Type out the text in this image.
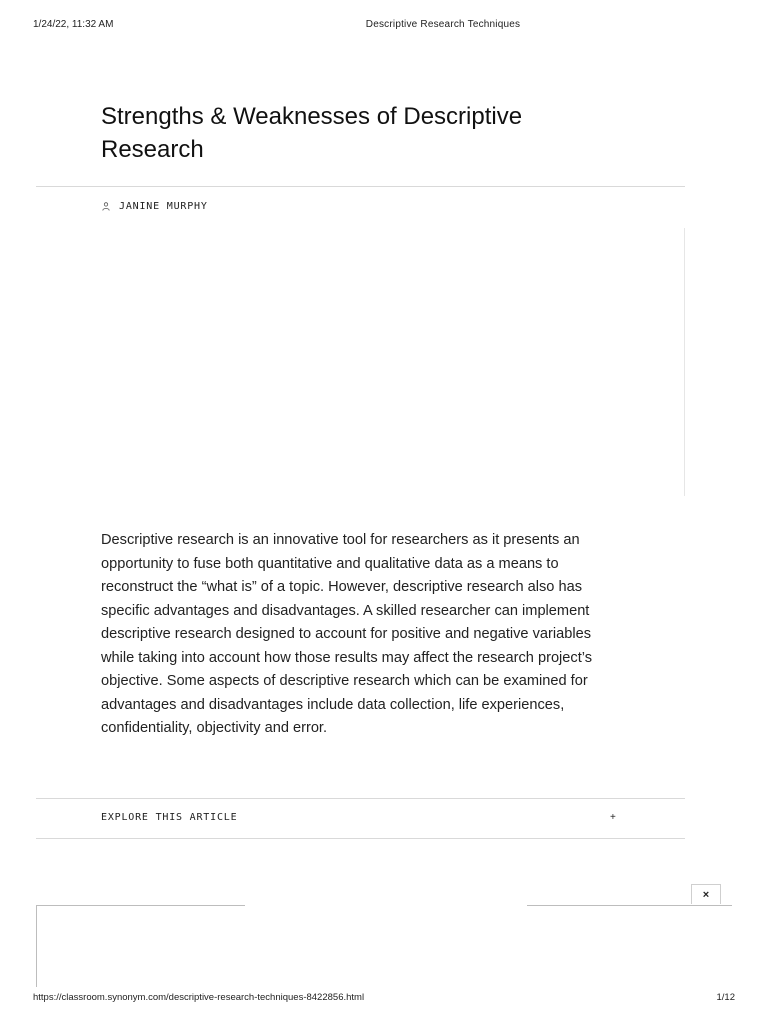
1/24/22, 11:32 AM	Descriptive Research Techniques
Strengths & Weaknesses of Descriptive Research
JANINE MURPHY

Descriptive research is an innovative tool for researchers as it presents an opportunity to fuse both quantitative and qualitative data as a means to reconstruct the “what is” of a topic. However, descriptive research also has specific advantages and disadvantages. A skilled researcher can implement descriptive research designed to account for positive and negative variables while taking into account how those results may affect the research project’s objective. Some aspects of descriptive research which can be examined for advantages and disadvantages include data collection, life experiences, confidentiality, objectivity and error.

EXPLORE THIS ARTICLE	+
×
https://classroom.synonym.com/descriptive-research-techniques-8422856.html	1/12
